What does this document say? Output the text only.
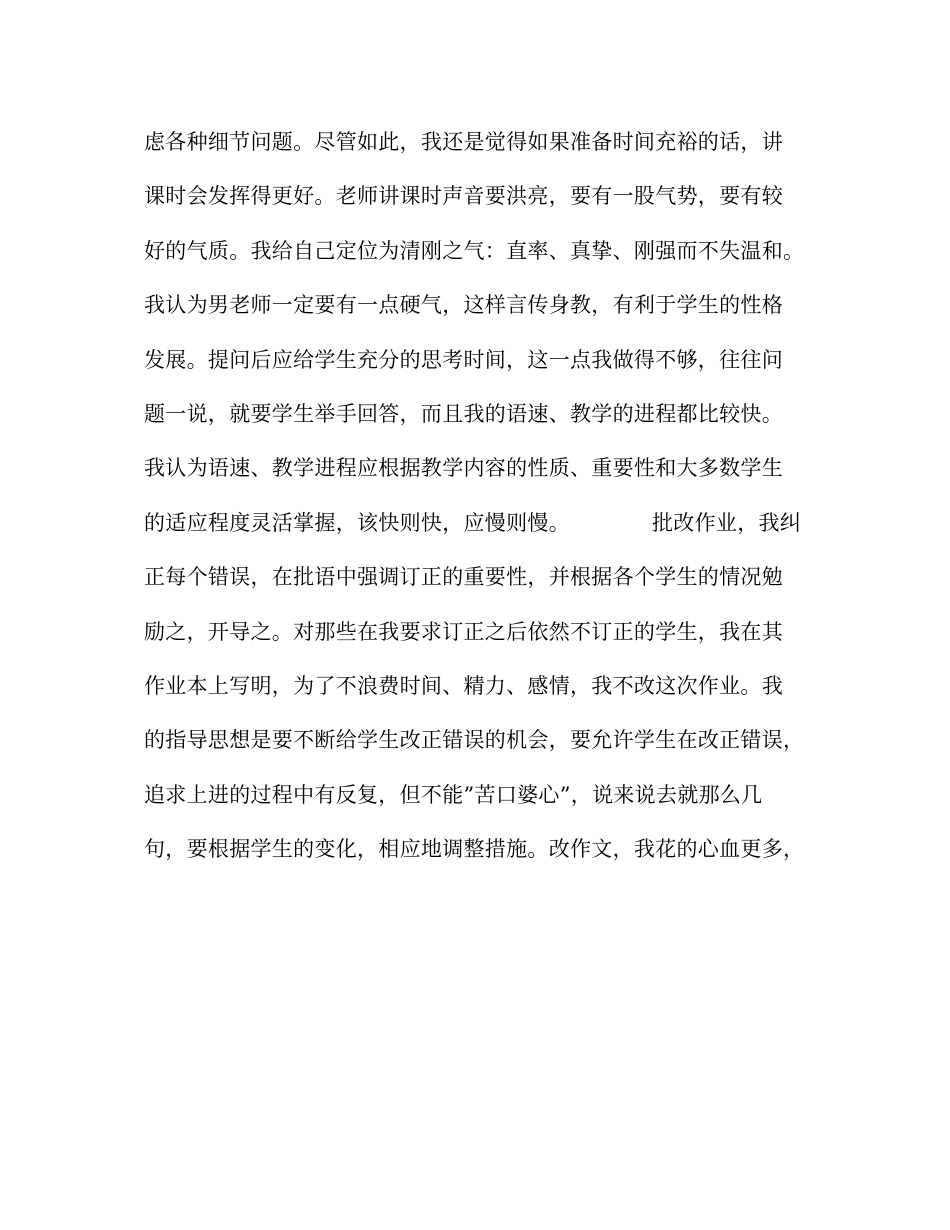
虑各种细节问题。尽管如此，我还是觉得如果准备时间充裕的话，讲
课时会发挥得更好。老师讲课时声音要洪亮，要有一股气势，要有较
好的气质。我给自己定位为清刚之气：直率、真挚、刚强而不失温和。
我认为男老师一定要有一点硬气，这样言传身教，有利于学生的性格
发展。提问后应给学生充分的思考时间，这一点我做得不够，往往问
题一说，就要学生举手回答，而且我的语速、教学的进程都比较快。
我认为语速、教学进程应根据教学内容的性质、重要性和大多数学生
的适应程度灵活掌握，该快则快，应慢则慢。	批改作业，我纠
正每个错误，在批语中强调订正的重要性，并根据各个学生的情况勉
励之，开导之。对那些在我要求订正之后依然不订正的学生，我在其
作业本上写明，为了不浪费时间、精力、感情，我不改这次作业。我
的指导思想是要不断给学生改正错误的机会，要允许学生在改正错误，
追求上进的过程中有反复，但不能”苦口婆心”，说来说去就那么几
句，要根据学生的变化，相应地调整措施。改作文，我花的心血更多，
